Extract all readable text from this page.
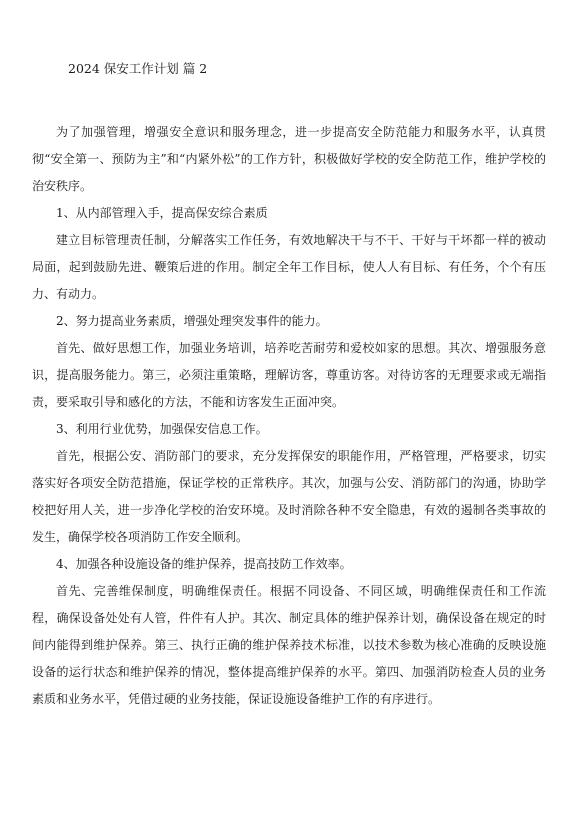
2024 保安工作计划 篇 2

为了加强管理，增强安全意识和服务理念，进一步提高安全防范能力和服务水平，认真贯彻“安全第一、预防为主”和“内紧外松”的工作方针，积极做好学校的安全防范工作，维护学校的治安秩序。

1、从内部管理入手，提高保安综合素质

建立目标管理责任制，分解落实工作任务，有效地解决干与不干、干好与干坏都一样的被动局面，起到鼓励先进、鞭策后进的作用。制定全年工作目标，使人人有目标、有任务，个个有压力、有动力。

2、努力提高业务素质，增强处理突发事件的能力。

首先、做好思想工作，加强业务培训，培养吃苦耐劳和爱校如家的思想。其次、增强服务意识，提高服务能力。第三，必须注重策略，理解访客，尊重访客。对待访客的无理要求或无端指责，要采取引导和感化的方法，不能和访客发生正面冲突。

3、利用行业优势，加强保安信息工作。

首先，根据公安、消防部门的要求，充分发挥保安的职能作用，严格管理，严格要求，切实落实好各项安全防范措施，保证学校的正常秩序。其次，加强与公安、消防部门的沟通，协助学校把好用人关，进一步净化学校的治安环境。及时消除各种不安全隐患，有效的遏制各类事故的发生，确保学校各项消防工作安全顺利。

4、加强各种设施设备的维护保养，提高技防工作效率。

首先、完善维保制度，明确维保责任。根据不同设备、不同区域，明确维保责任和工作流程，确保设备处处有人管，件件有人护。其次、制定具体的维护保养计划，确保设备在规定的时间内能得到维护保养。第三、执行正确的维护保养技术标准，以技术参数为核心准确的反映设施设备的运行状态和维护保养的情况，整体提高维护保养的水平。第四、加强消防检查人员的业务素质和业务水平，凭借过硬的业务技能，保证设施设备维护工作的有序进行。
